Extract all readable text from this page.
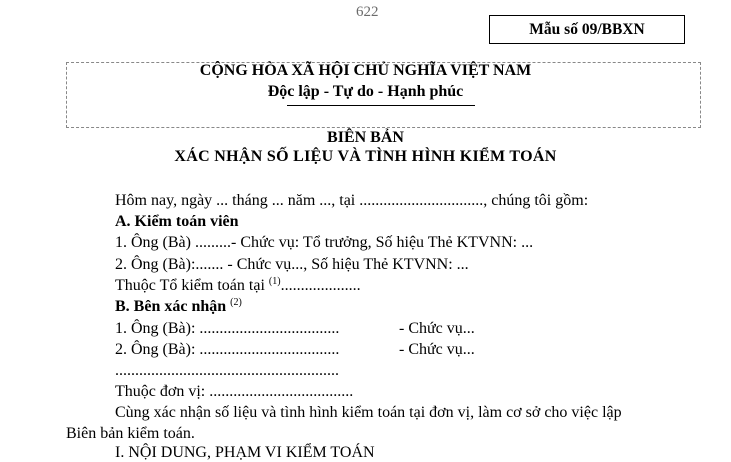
622
Mẫu số 09/BBXN
CỘNG HÒA XÃ HỘI CHỦ NGHĨA VIỆT NAM
Độc lập - Tự do - Hạnh phúc
BIÊN BẢN
XÁC NHẬN SỐ LIỆU VÀ TÌNH HÌNH KIỂM TOÁN
Hôm nay, ngày ... tháng ... năm ..., tại ..............................., chúng tôi gồm:
A. Kiểm toán viên
1. Ông (Bà) .........- Chức vụ: Tổ trưởng, Số hiệu Thẻ KTVNN: ...
2. Ông (Bà):....... - Chức vụ..., Số hiệu Thẻ KTVNN: ...
Thuộc Tổ kiểm toán tại $^{(1)}$....................
B. Bên xác nhận $^{(2)}$
1. Ông (Bà): ...................................	- Chức vụ...
2. Ông (Bà): ...................................	- Chức vụ...
........................................................
Thuộc đơn vị: ....................................
Cùng xác nhận số liệu và tình hình kiểm toán tại đơn vị, làm cơ sở cho việc lập
Biên bản kiểm toán.
I. NỘI DUNG, PHẠM VI KIỂM TOÁN
